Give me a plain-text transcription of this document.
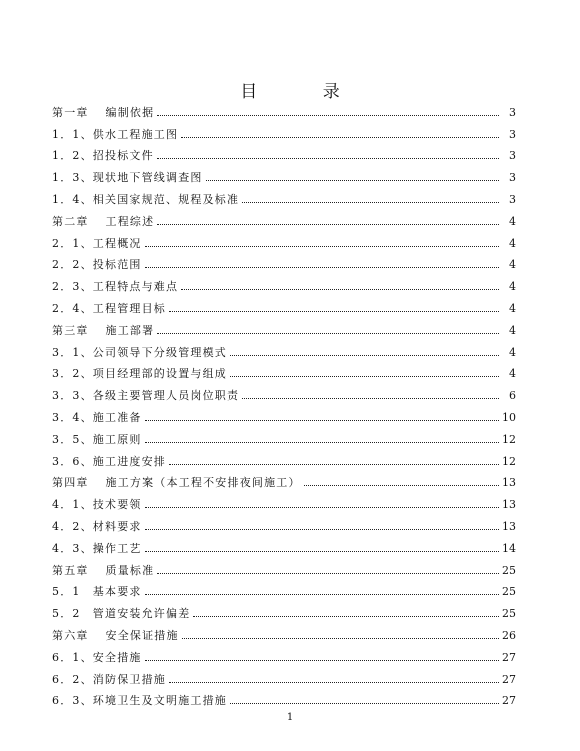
目 录
第一章　 编制依据	3
1．1、供水工程施工图	3
1．2、招投标文件	3
1．3、现状地下管线调查图	3
1．4、相关国家规范、规程及标准	3
第二章　 工程综述	4
2．1、工程概况	4
2．2、投标范围	4
2．3、工程特点与难点	4
2．4、工程管理目标	4
第三章　 施工部署	4
3．1、公司领导下分级管理模式	4
3．2、项目经理部的设置与组成	4
3．3、各级主要管理人员岗位职责	6
3．4、施工准备	10
3．5、施工原则	12
3．6、施工进度安排	12
第四章　 施工方案（本工程不安排夜间施工）	13
4．1、技术要领	13
4．2、材料要求	13
4．3、操作工艺	14
第五章　 质量标准	25
5．1　基本要求	25
5．2　管道安装允许偏差	25
第六章　 安全保证措施	26
6．1、安全措施	27
6．2、消防保卫措施	27
6．3、环境卫生及文明施工措施	27
1
